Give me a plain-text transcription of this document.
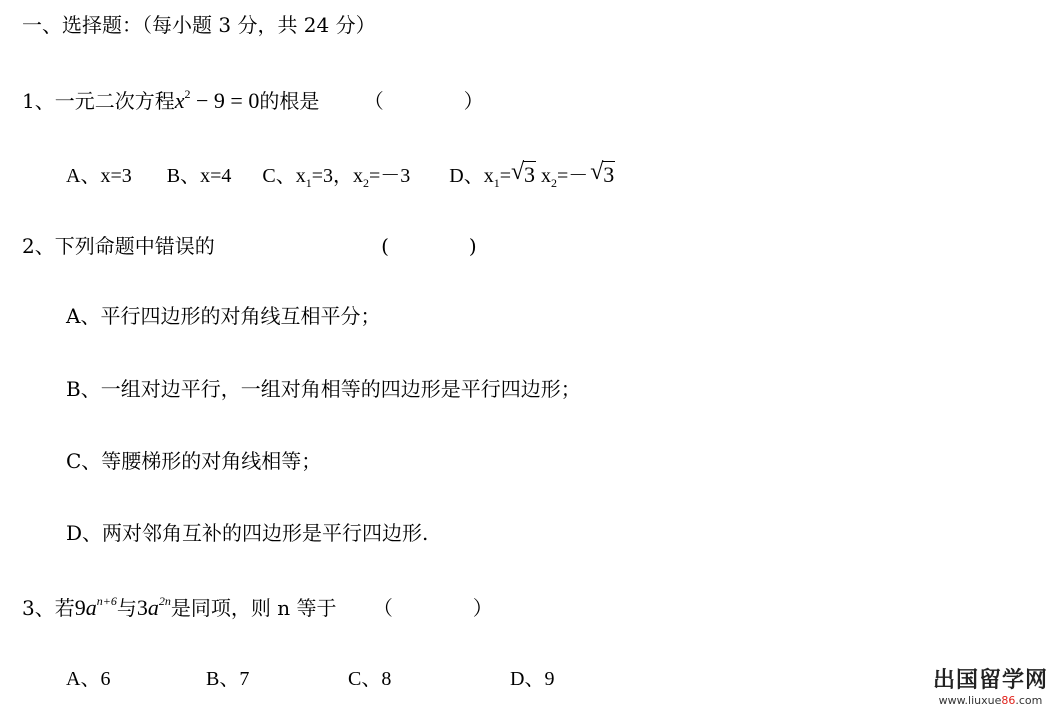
一、选择题：（每小题 3 分，共 24 分）
1、一元二次方程$x^2 - 9 = 0$的根是 （　　　　）
A、x=3 B、x=4 C、$x_1=3$，$x_2=-3$ D、$x_1=$ √ 3 $x_2=-$ √ 3
2、下列命题中错误的	(　　　　)
A、平行四边形的对角线互相平分；
B、一组对边平行，一组对角相等的四边形是平行四边形；
C、等腰梯形的对角线相等；
D、两对邻角互补的四边形是平行四边形.
3、若$9a^{n+6}$与$3a^{2n}$是同项，则 n 等于 （　　　　）
A、6	B、7	C、8	D、9	出国留学网
www.liuxue86.com
